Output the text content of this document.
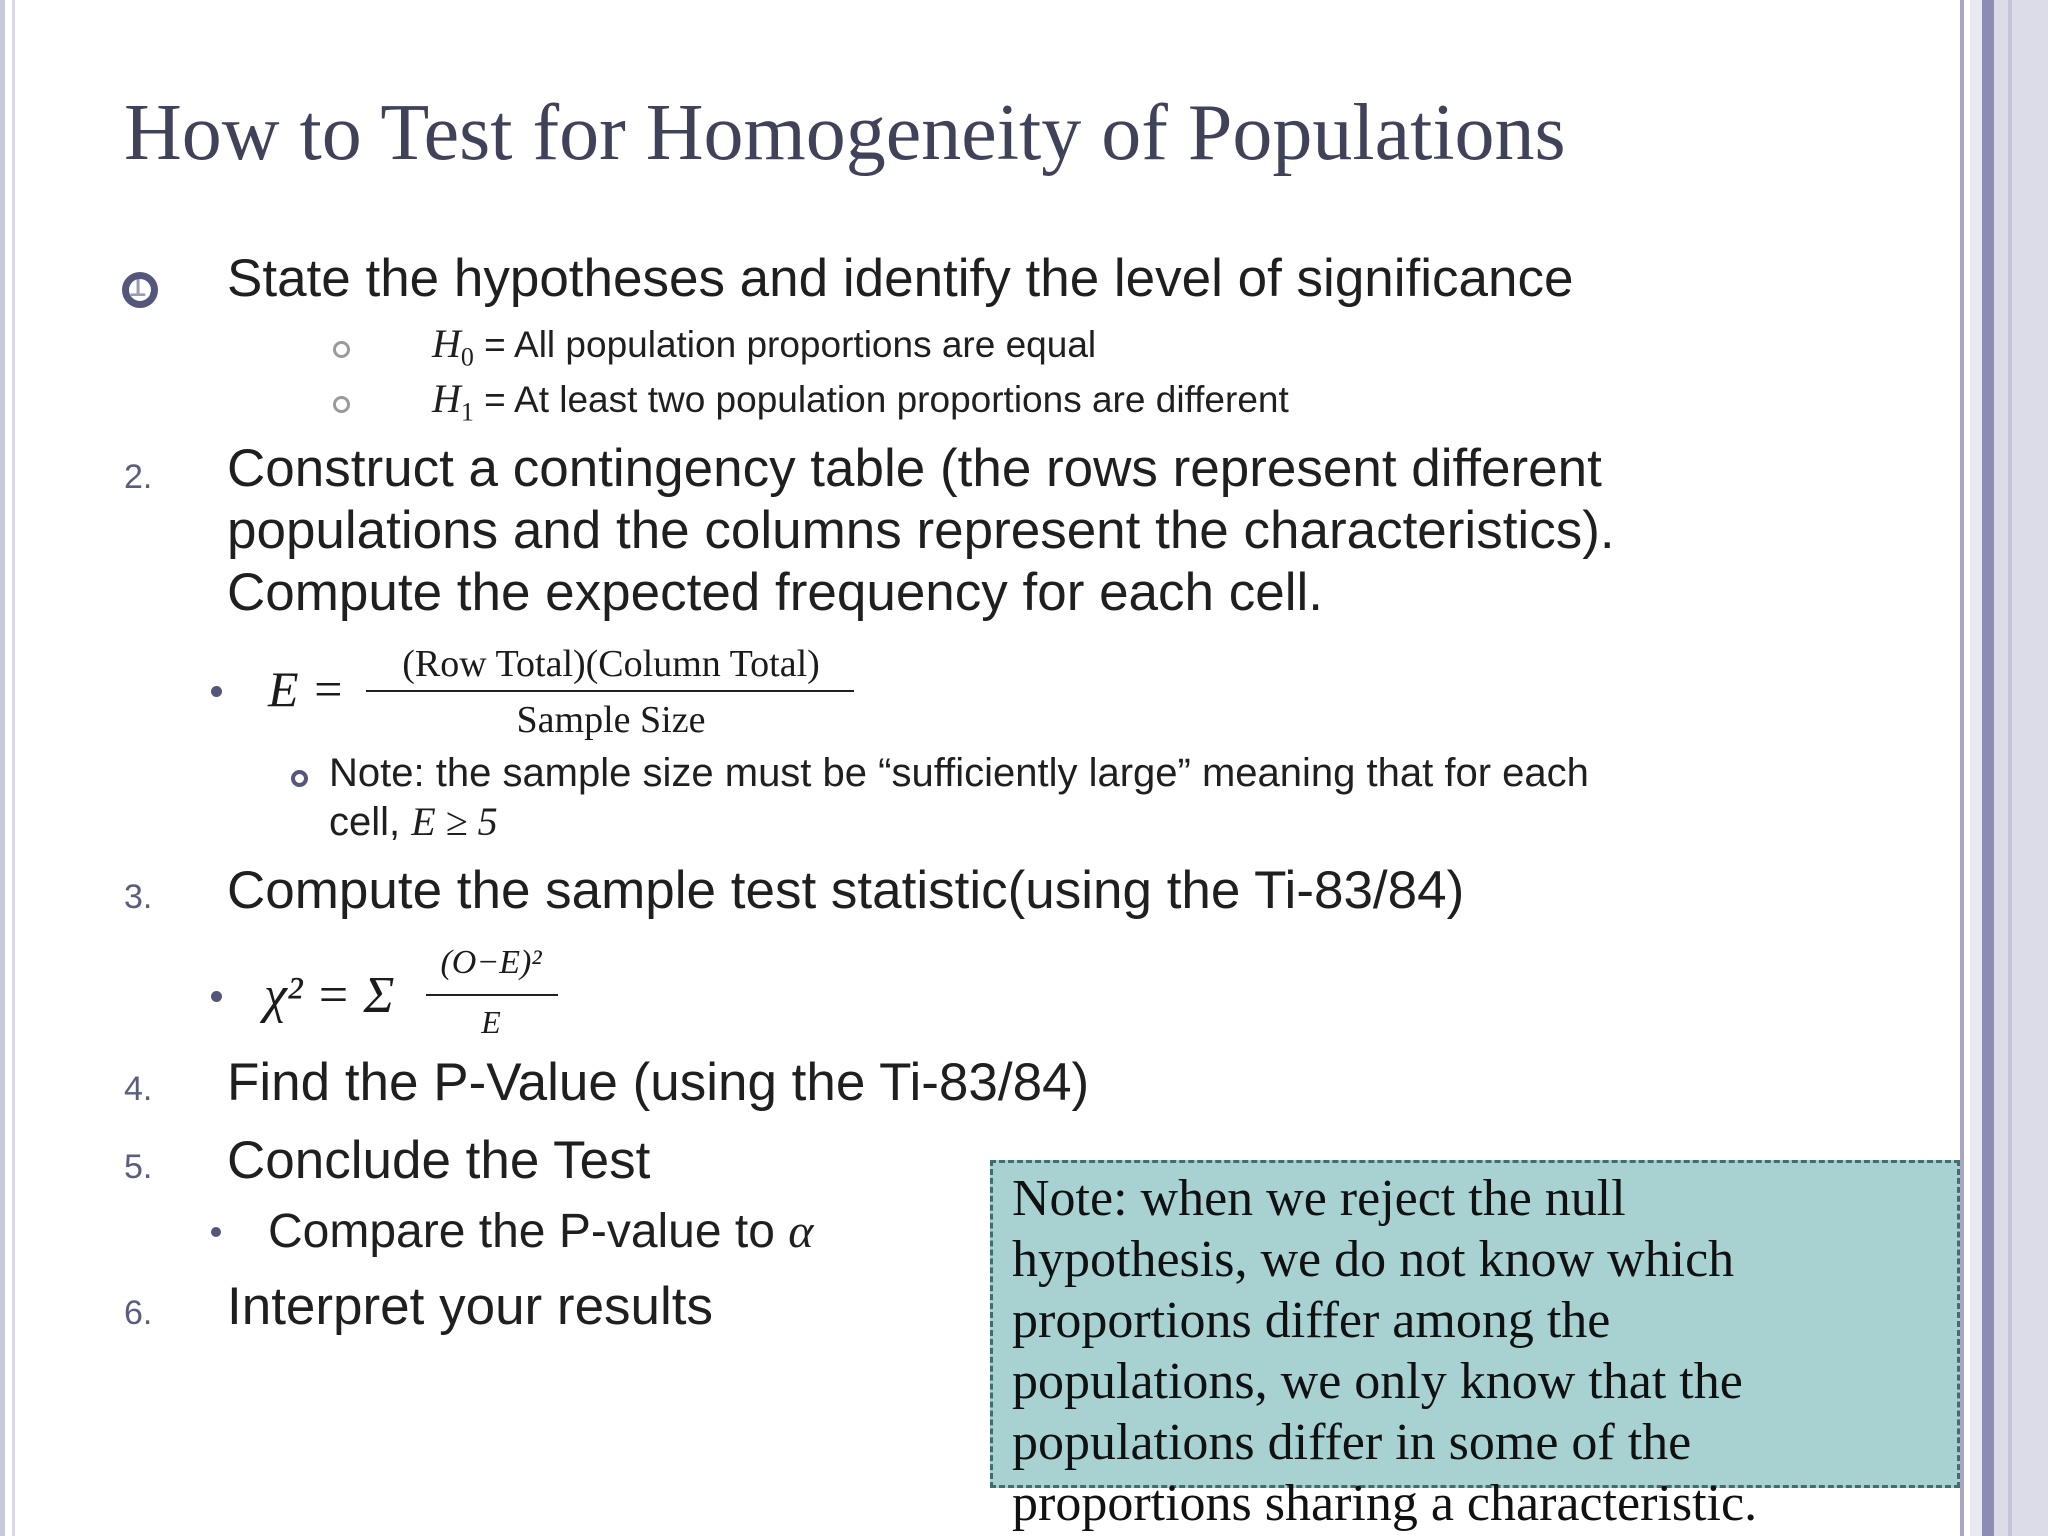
How to Test for Homogeneity of Populations
1. State the hypotheses and identify the level of significance
$H_0$ = All population proportions are equal
$H_1 = At$ least two population proportions are different
2. Construct a contingency table (the rows represent different
populations and the columns represent the characteristics).
Compute the expected frequency for each cell.
E =	(Row Total)(Column Total)
Sample Size
Note: the sample size must be “sufficiently large” meaning that for each
cell, E ≥ 5
3. Compute the sample test statistic(using the Ti-83/84)
χ² = Σ
(O−E)²
E
4. Find the P-Value (using the Ti-83/84)
5. Conclude the Test
Compare the P-value to α
6. Interpret your results
Note: when we reject the null
hypothesis, we do not know which
proportions differ among the
populations, we only know that the
populations differ in some of the
proportions sharing a characteristic.
